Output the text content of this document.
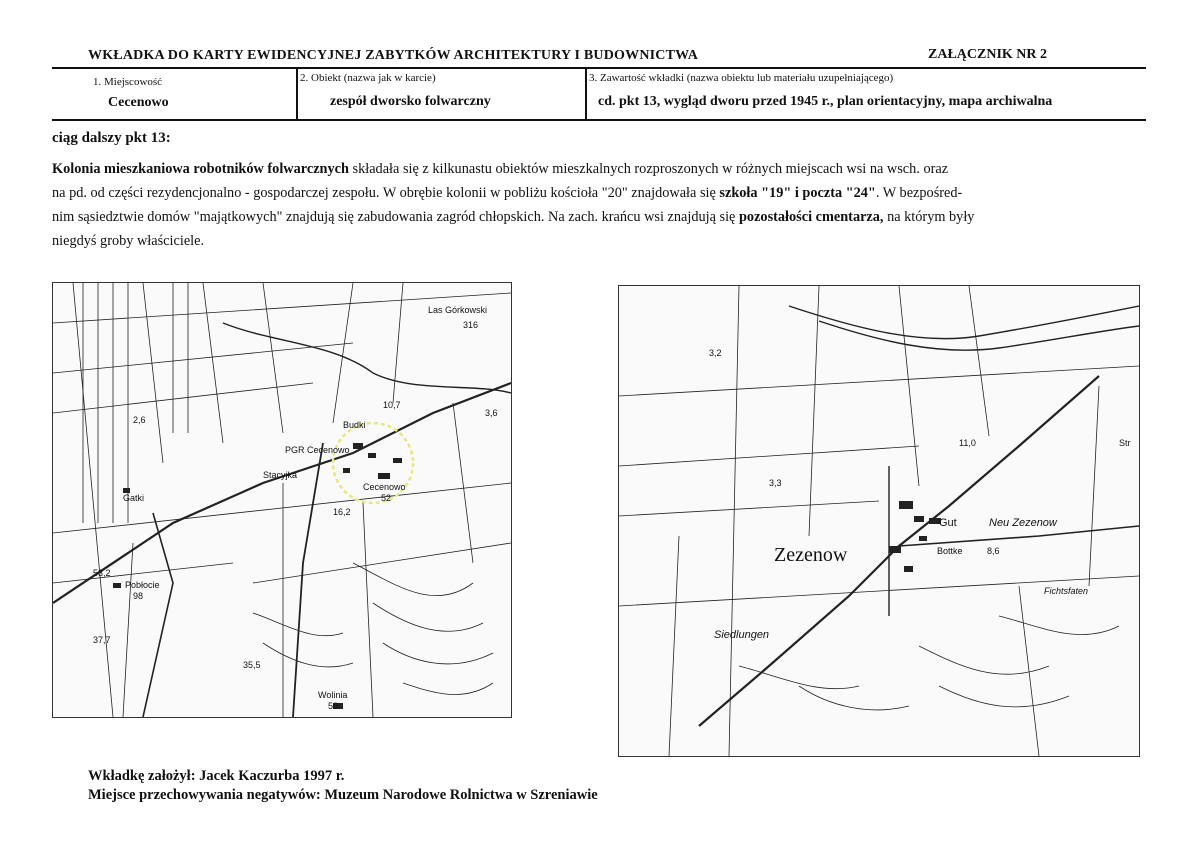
WKŁADKA DO KARTY EWIDENCYJNEJ ZABYTKÓW ARCHITEKTURY I BUDOWNICTWA	ZAŁĄCZNIK NR 2
1. Miejscowość
Cecenowo
2. Obiekt (nazwa jak w karcie)
zespół dworsko folwarczny
3. Zawartość wkładki (nazwa obiektu lub materiału uzupełniającego)
cd. pkt 13, wygląd dworu przed 1945 r., plan orientacyjny, mapa archiwalna
ciąg dalszy pkt 13:
Kolonia mieszkaniowa robotników folwarcznych składała się z kilkunastu obiektów mieszkalnych rozproszonych w różnych miejscach wsi na wsch. oraz
na pd. od części rezydencjonalno - gospodarczej zespołu. W obrębie kolonii w pobliżu kościoła "20" znajdowała się szkoła "19" i poczta "24". W bezpośred-
nim sąsiedztwie domów "majątkowych" znajdują się zabudowania zagród chłopskich. Na zach. krańcu wsi znajdują się pozostałości cmentarza, na którym były
niegdyś groby właściciele.
Las Górkowski
316
Budki
PGR Cecenowo
Cecenowo
52
Gatki
Stacyjka
Pobłocie
98
Wolinia
50
37,7
16,2
53,2
10,7
3,6
35,5
2,6
Zezenow
Gut	Neu Zezenow
Siedlungen
Bottke
Fichtsfaten
Str
3,2
3,3
11,0
8,6
Wkładkę założył: Jacek Kaczurba 1997 r.
Miejsce przechowywania negatywów: Muzeum Narodowe Rolnictwa w Szreniawie
